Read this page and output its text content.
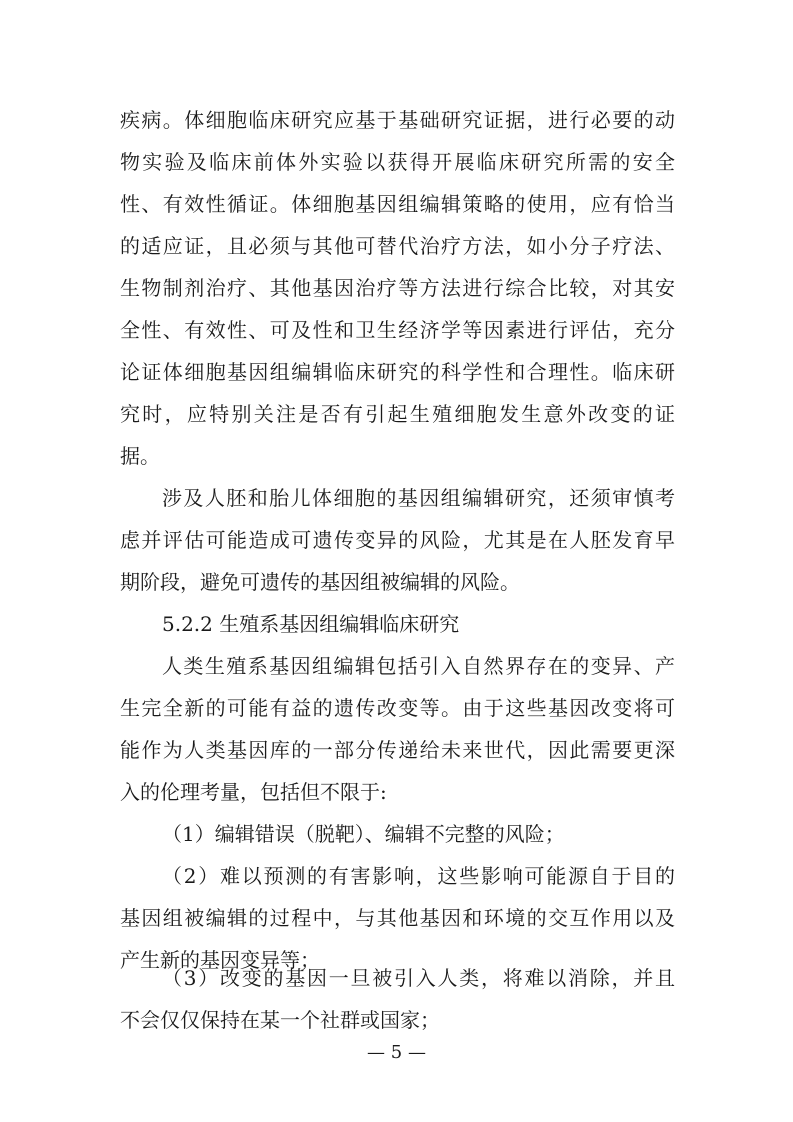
疾病。体细胞临床研究应基于基础研究证据，进行必要的动
物实验及临床前体外实验以获得开展临床研究所需的安全
性、有效性循证。体细胞基因组编辑策略的使用，应有恰当
的适应证，且必须与其他可替代治疗方法，如小分子疗法、
生物制剂治疗、其他基因治疗等方法进行综合比较，对其安
全性、有效性、可及性和卫生经济学等因素进行评估，充分
论证体细胞基因组编辑临床研究的科学性和合理性。临床研
究时，应特别关注是否有引起生殖细胞发生意外改变的证
据。
涉及人胚和胎儿体细胞的基因组编辑研究，还须审慎考
虑并评估可能造成可遗传变异的风险，尤其是在人胚发育早
期阶段，避免可遗传的基因组被编辑的风险。
5.2.2 生殖系基因组编辑临床研究
人类生殖系基因组编辑包括引入自然界存在的变异、产
生完全新的可能有益的遗传改变等。由于这些基因改变将可
能作为人类基因库的一部分传递给未来世代，因此需要更深
入的伦理考量，包括但不限于:
（1）编辑错误（脱靶）、编辑不完整的风险；
（2）难以预测的有害影响，这些影响可能源自于目的
基因组被编辑的过程中，与其他基因和环境的交互作用以及
产生新的基因变异等；
（3）改变的基因一旦被引入人类，将难以消除，并且
— 5 —
不会仅仅保持在某一个社群或国家；
